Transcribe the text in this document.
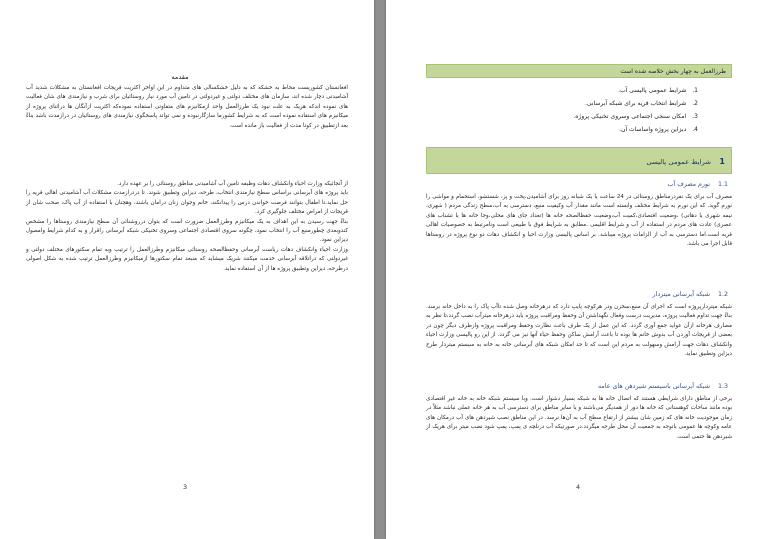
مقدمه

افغانستان کشوریست محاط به خشکه که به دلیل خشکسالی های متداوم در این اواخر اکثریت قریجات افغانستان به مشکلات شدید آب آشامیدنی دچار شده اند، سازمان های مختلف دولتی و غیردولتی در تامین آب مورد نیاز روستائیان برای شرب و نیازمندی های شان فعالیت های نموده اندکه هریک به علت نبود یک طرزالعمل واحد ازمکانیزم های متفاوتی استفاده نموده‌که اکثریت ازآنگان ها دراثنای پروژه از میکانیزم های استفاده نموده است که به شرایط کشورما سازگارنبوده و نمی تواند پاسخگوی نیازمندی های روستائیان در درازمدت باشد بناءً بعد ازتطبیق در کوتا مدت از فعالیت باز مانده است.

از آنجائیکه وزارت احیاء وانکشاف دهات وظیفه تامین آب آشامیدنی مناطق روستائی را بر عهده دارد.

باید پروژه های آبرسانی براساس سطح نیازمندی انتخاب، طرحه، دیزاین وتطبیق شوند. تا دردرازمدت مشکلات آب آشامیدنی اهالی قریه را حل نماید.تا اطفال بتوانند فرصت خواندن درس را پیدانکند، خانم وجوان زنان درامان باشند، وهچنان با استفاده از آب پاک، صحت شان از قریجات از امراض مختلف جلوگیری کرد.

بناءً جهت رسیدن به این اهداف به یک میکانیزم وطرزالعمل ضرورت است که بتوان درروشنائی آن سطح نیازمندی روستاها را مشخص کندوبعدی چطورمنبع آب را انتخاب نمود، چگونه سروی اقتصادی اجتماعی وسروی تخنیکی شبکه آبرسانی راقرار و به کدام شرایط وامصول دیزاین نمود.

وزارت احیاء وانکشاف دهات ریاست آبرسانی وحفظالصحه روستائی میکانیزم وطرزالعمل را ترتیب وبه تمام سکتورهای مختلف دولتی و غیردولتی که دراتلاقه آبرسانی خدمت میکنند شریک میشاید که منبعد تمام سکتورها ازمیکانیزم وطرزالعمل ترتیب شده به شکل اصولی درطرحه، دیزاین وتطبیق پروژه ها از آن استفاده نماید.

3
طرزالعمل به چهار بخش خلاصه شده است
1.
شرایط عمومی پالیسی آب.
2.
شرایط انتخاب قریه برای شبکه آبرسانی.
3.
امکان سنجی اجتماعی وسروی تخنیکی پروژه.
4.
دیزاین پروژه واساسات آن.
1
شرایط عمومی پالیسی
1.1
نورم مصرف آب

مصرف آب برای یک نفردرمناطق روستائی در 24 ساعت یا یک شبانه روز برای آشامیدن،پخت و پز، شستشو، استحمام و مواشی را نورم گوید. که این نورم به شرایط مختلف وابسته است مانند مقدار آب وکیفیت منبع، دسترسی به آب،سطح زندگی مردم ( شهری، نیمه شهری یا دهاتی) ،وضعیت اقتصادی،کمیت آب،وضعیت حفظالصحه خانه ها (تعداد جای های محلی،وجا خانه ها یا تشناب های عصری) عادت های مردم در استفاده از آب و شرایط اقلیمی .مطابق به شرایط فوق با طبیعی است ونامرتبط به خصوصیات اهالی قریه است.اما دسترسی به آب از الزامات پروژه میباشد. بر اساس پالیسی وزارت احیا و انکشاف دهات دو نوع پروژه در روستاها قابل اجرا می باشد.

1.2
شبکه آبرسانی میتردار

شبکه میتردارپروژه است که اجرای آن منبع،سخزن ودر هرکوچه پایپ دارد که درهرخانه وصل شده تاآب پاک را به داخل خانه برسد. بناءً جهت تداوم فعالیت پروژه، مدیریت درست وفعال نگهداشتن آن وحفظ ومراقبت پروژه باید درهرخانه میترآب نصب گردد،تا نظر به مصارف هرخانه ازآن عواید جمع آوری گردد. که این عمل از یک طرف باعث نظارت وحفظ ومراقبت پروژه وازطرف دیگر چون در بعضی از قریجات آوردن آب بدوش خانم ها بوده تا باعث آرامش ساکن وحفظ حیاء آنها نیز می گردد. از این رو پالیسی وزارت احیاء وانکشاف دهات جهت آرامش وسهولت به مردم این است که تا حد امکان شبکه های آبرسانی خانه به خانه به سیستم میتردار طرح دیزاین وتطبیق نماید.

1.3
شبکه آبرسانی باسیستم شیردهن های عامه

برخی از مناطق دارای شرایطی هستند که اتصال خانه ها به شبکه بسیار دشوار است. وبا سیستم شبکه خانه به خانه غیر اقتصادی بوده مانند ساحات کوهستانی که خانه ها دور از همدیگر می‌باشند و یا سایر مناطق برای دسترسی آب به هر خانه عملی نباشد مثلاً در زمان موجودیت خانه های که زمین شان بیشتر از ارتفاع سطح آب به آن‌ها نرسد. در این مناطق نصب شیردهن های آب درمکان های عامه وکوچه ها عمومی باتوجه به جمعیت آن محل طرحه میگردد.در صورتیکه آب درنلچه ی پمپ، پمپ شود نصب میتر برای هریک از شیردهن ها حتمی است.

4
